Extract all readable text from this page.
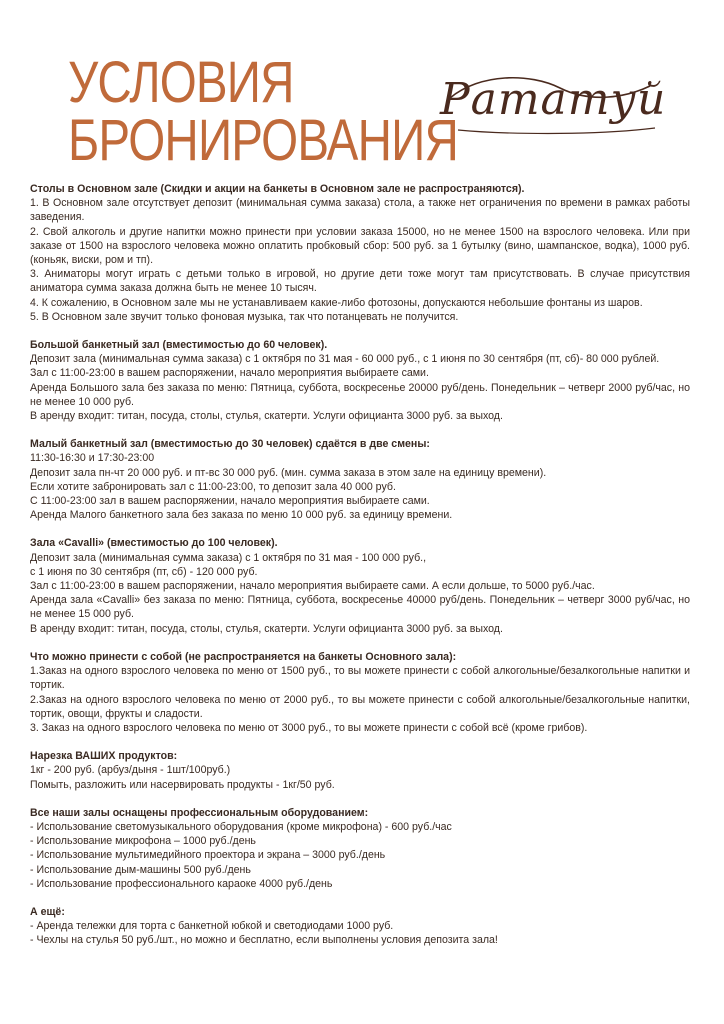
УСЛОВИЯ
БРОНИРОВАНИЯ
Рататуй
Столы в Основном зале (Скидки и акции на банкеты в Основном зале не распространяются).
1. В Основном зале отсутствует депозит (минимальная сумма заказа) стола, а также нет ограничения по времени в рамках работы заведения.
2. Свой алкоголь и другие напитки можно принести при условии заказа 15000, но не менее 1500 на взрослого человека. Или при заказе от 1500 на взрослого человека можно оплатить пробковый сбор: 500 руб. за 1 бутылку (вино, шампанское, водка), 1000 руб. (коньяк, виски, ром и тп).
3. Аниматоры могут играть с детьми только в игровой, но другие дети тоже могут там присутствовать. В случае присутствия аниматора сумма заказа должна быть не менее 10 тысяч.
4. К сожалению, в Основном зале мы не устанавливаем какие-либо фотозоны, допускаются небольшие фонтаны из шаров.
5. В Основном зале звучит только фоновая музыка, так что потанцевать не получится.
Большой банкетный зал (вместимостью до 60 человек).
Депозит зала (минимальная сумма заказа) с 1 октября по 31 мая - 60 000 руб., с 1 июня по 30 сентября (пт, сб)- 80 000 рублей.
Зал с 11:00-23:00 в вашем распоряжении, начало мероприятия выбираете сами.
Аренда Большого зала без заказа по меню: Пятница, суббота, воскресенье 20000 руб/день. Понедельник – четверг 2000 руб/час, но не менее 10 000 руб.
В аренду входит: титан, посуда, столы, стулья, скатерти. Услуги официанта 3000 руб. за выход.
Малый банкетный зал (вместимостью до 30 человек) сдаётся в две смены:
11:30-16:30 и 17:30-23:00
Депозит зала пн-чт 20 000 руб. и пт-вс 30 000 руб. (мин. сумма заказа в этом зале на единицу времени).
Если хотите забронировать зал с 11:00-23:00, то депозит зала 40 000 руб.
С 11:00-23:00 зал в вашем распоряжении, начало мероприятия выбираете сами.
Аренда Малого банкетного зала без заказа по меню 10 000 руб. за единицу времени.
Зала «Cavalli» (вместимостью до 100 человек).
Депозит зала (минимальная сумма заказа) с 1 октября по 31 мая - 100 000 руб.,
с 1 июня по 30 сентября (пт, сб) - 120 000 руб.
Зал с 11:00-23:00 в вашем распоряжении, начало мероприятия выбираете сами. А если дольше, то 5000 руб./час.
Аренда зала «Cavalli» без заказа по меню: Пятница, суббота, воскресенье 40000 руб/день. Понедельник – четверг 3000 руб/час, но не менее 15 000 руб.
В аренду входит: титан, посуда, столы, стулья, скатерти. Услуги официанта 3000 руб. за выход.
Что можно принести с собой (не распространяется на банкеты Основного зала):
1.Заказ на одного взрослого человека по меню от 1500 руб., то вы можете принести с собой алкогольные/безалкогольные напитки и тортик.
2.Заказ на одного взрослого человека по меню от 2000 руб., то вы можете принести с собой алкогольные/безалкогольные напитки, тортик, овощи, фрукты и сладости.
3. Заказ на одного взрослого человека по меню от 3000 руб., то вы можете принести с собой всё (кроме грибов).
Нарезка ВАШИХ продуктов:
1кг - 200 руб. (арбуз/дыня - 1шт/100руб.)
Помыть, разложить или насервировать продукты - 1кг/50 руб.
Все наши залы оснащены профессиональным оборудованием:
- Использование светомузыкального оборудования (кроме микрофона) - 600 руб./час
- Использование микрофона – 1000 руб./день
- Использование мультимедийного проектора и экрана – 3000 руб./день
- Использование дым-машины 500 руб./день
- Использование профессионального караоке 4000 руб./день
А ещё:
- Аренда тележки для торта с банкетной юбкой и светодиодами 1000 руб.
- Чехлы на стулья 50 руб./шт., но можно и бесплатно, если выполнены условия депозита зала!
